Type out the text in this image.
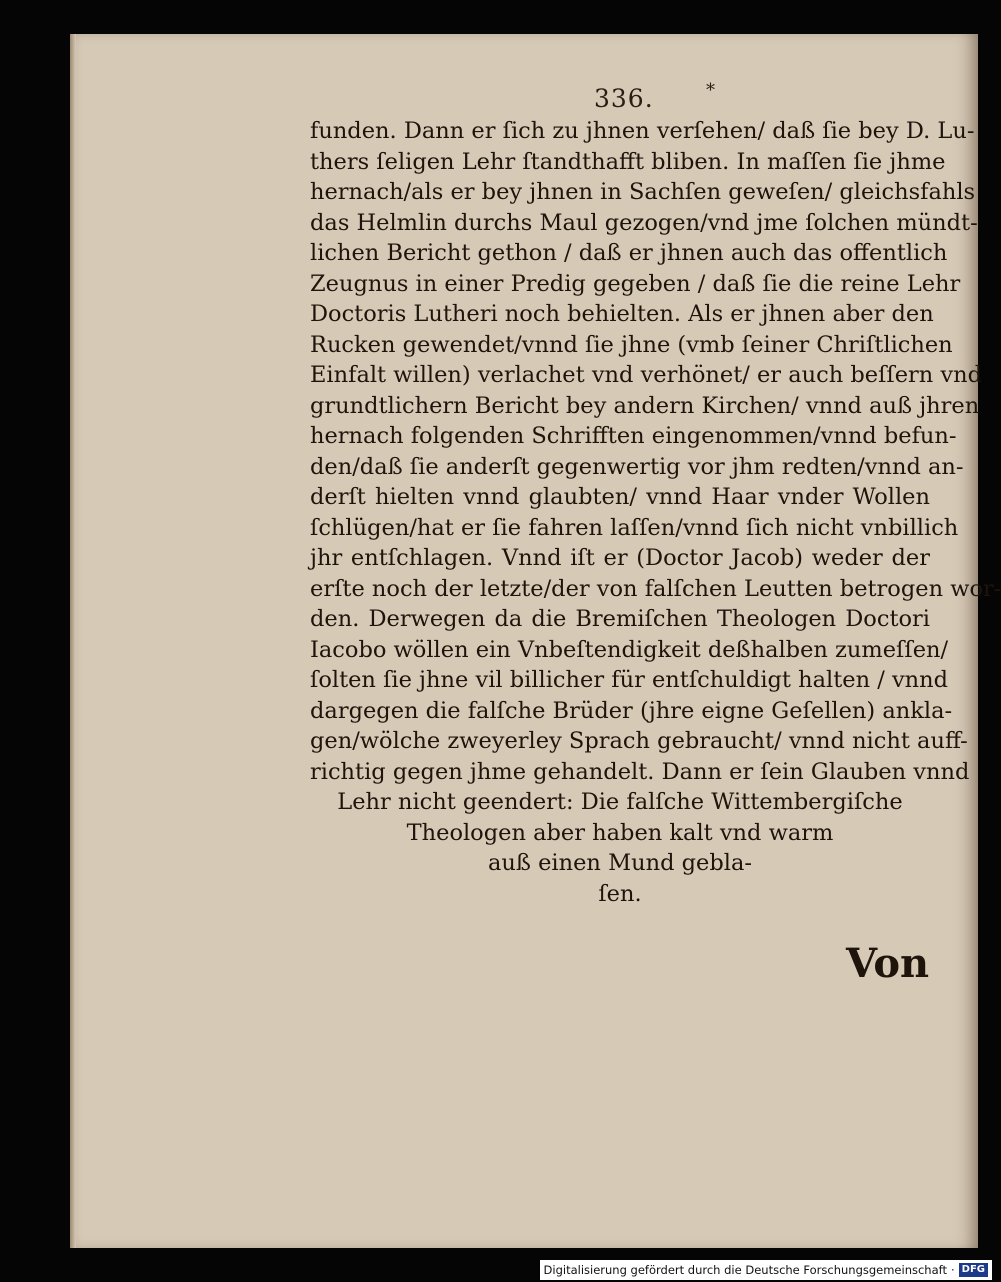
336.	*
funden. Dann er ſich zu jhnen verſehen/ daß ſie bey D. Lu-
thers ſeligen Lehr ſtandthafft bliben. In maſſen ſie jhme
hernach/als er bey jhnen in Sachſen geweſen/ gleichsfahls
das Helmlin durchs Maul gezogen/vnd jme ſolchen mündt-
lichen Bericht gethon / daß er jhnen auch das offentlich
Zeugnus in einer Predig gegeben / daß ſie die reine Lehr
Doctoris Lutheri noch behielten. Als er jhnen aber den
Rucken gewendet/vnnd ſie jhne (vmb ſeiner Chriſtlichen
Einfalt willen) verlachet vnd verhönet/ er auch beſſern vnd
grundtlichern Bericht bey andern Kirchen/ vnnd auß jhren
hernach folgenden Schrifften eingenommen/vnnd befun-
den/daß ſie anderſt gegenwertig vor jhm redten/vnnd an-
derſt hielten vnnd glaubten/ vnnd Haar vnder Wollen
ſchlügen/hat er ſie fahren laſſen/vnnd ſich nicht vnbillich
jhr entſchlagen. Vnnd iſt er (Doctor Jacob) weder der
erſte noch der letzte/der von falſchen Leutten betrogen wor-
den. Derwegen da die Bremiſchen Theologen Doctori
Iacobo wöllen ein Vnbeſtendigkeit deßhalben zumeſſen/
ſolten ſie jhne vil billicher für entſchuldigt halten / vnnd
dargegen die falſche Brüder (jhre eigne Geſellen) ankla-
gen/wölche zweyerley Sprach gebraucht/ vnnd nicht auff-
richtig gegen jhme gehandelt. Dann er ſein Glauben vnnd
Lehr nicht geendert: Die falſche Wittembergiſche
Theologen aber haben kalt vnd warm
auß einen Mund gebla-
ſen.
Von
Digitalisierung gefördert durch die Deutsche Forschungsgemeinschaft · DFG
